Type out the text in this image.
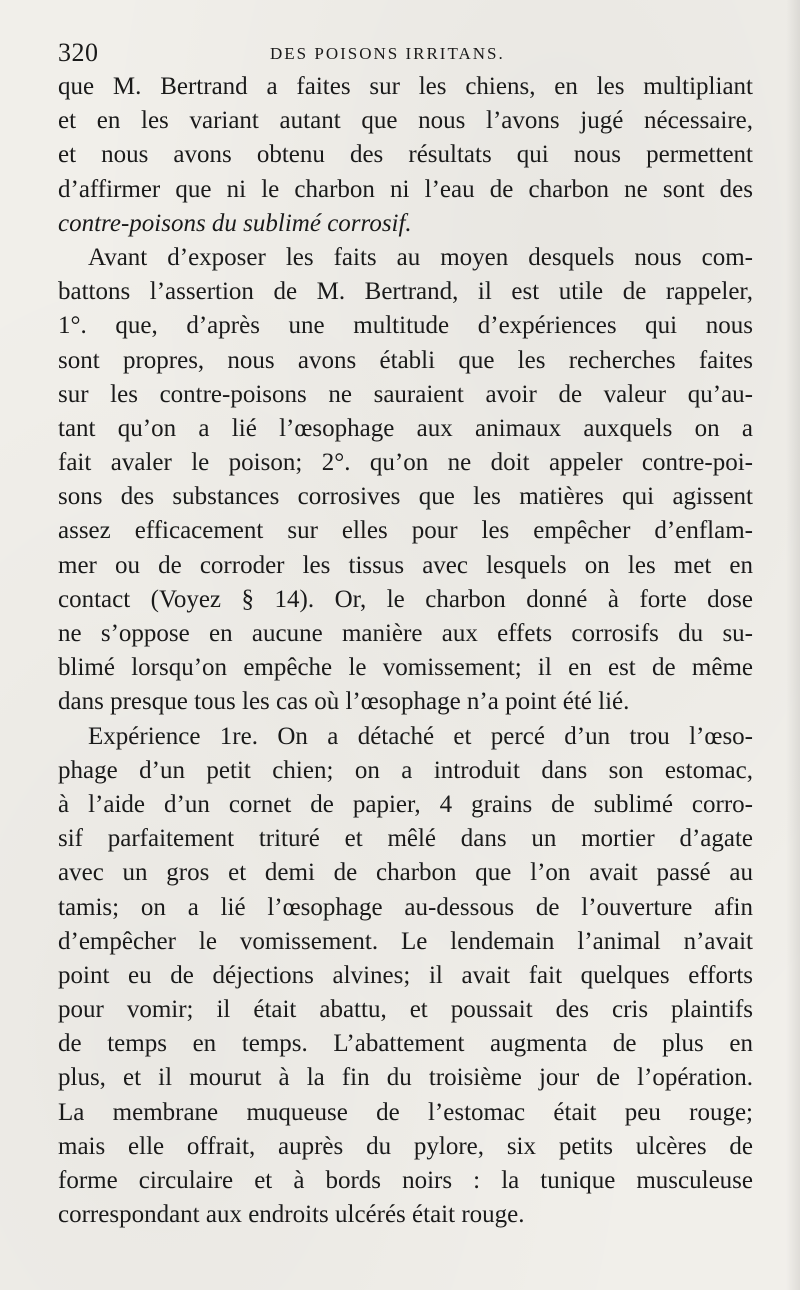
320	DES POISONS IRRITANS.
que M. Bertrand a faites sur les chiens, en les multipliant
et en les variant autant que nous l’avons jugé nécessaire,
et nous avons obtenu des résultats qui nous permettent
d’affirmer que ni le charbon ni l’eau de charbon ne sont des
contre-poisons du sublimé corrosif.
Avant d’exposer les faits au moyen desquels nous com-
battons l’assertion de M. Bertrand, il est utile de rappeler,
1°. que, d’après une multitude d’expériences qui nous
sont propres, nous avons établi que les recherches faites
sur les contre-poisons ne sauraient avoir de valeur qu’au-
tant qu’on a lié l’œsophage aux animaux auxquels on a
fait avaler le poison; 2°. qu’on ne doit appeler contre-poi-
sons des substances corrosives que les matières qui agissent
assez efficacement sur elles pour les empêcher d’enflam-
mer ou de corroder les tissus avec lesquels on les met en
contact (Voyez § 14). Or, le charbon donné à forte dose
ne s’oppose en aucune manière aux effets corrosifs du su-
blimé lorsqu’on empêche le vomissement; il en est de même
dans presque tous les cas où l’œsophage n’a point été lié.
Expérience 1re. On a détaché et percé d’un trou l’œso-
phage d’un petit chien; on a introduit dans son estomac,
à l’aide d’un cornet de papier, 4 grains de sublimé corro-
sif parfaitement trituré et mêlé dans un mortier d’agate
avec un gros et demi de charbon que l’on avait passé au
tamis; on a lié l’œsophage au-dessous de l’ouverture afin
d’empêcher le vomissement. Le lendemain l’animal n’avait
point eu de déjections alvines; il avait fait quelques efforts
pour vomir; il était abattu, et poussait des cris plaintifs
de temps en temps. L’abattement augmenta de plus en
plus, et il mourut à la fin du troisième jour de l’opération.
La membrane muqueuse de l’estomac était peu rouge;
mais elle offrait, auprès du pylore, six petits ulcères de
forme circulaire et à bords noirs : la tunique musculeuse
correspondant aux endroits ulcérés était rouge.
